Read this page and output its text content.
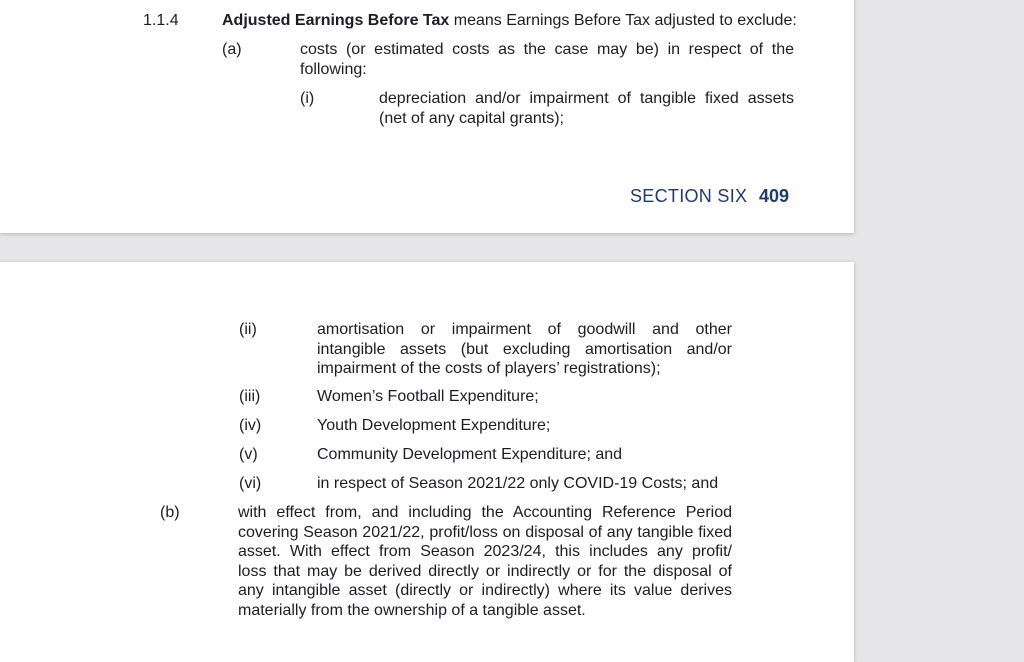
1.1.4	Adjusted Earnings Before Tax means Earnings Before Tax adjusted to exclude:
(a)	costs (or estimated costs as the case may be) in respect of the
following:
(i)	depreciation and/or impairment of tangible fixed assets
(net of any capital grants);
SECTION SIX 409
(ii)	amortisation or impairment of goodwill and other
intangible assets (but excluding amortisation and/or
impairment of the costs of players’ registrations);
(iii)	Women’s Football Expenditure;
(iv)	Youth Development Expenditure;
(v)	Community Development Expenditure; and
(vi)	in respect of Season 2021/22 only COVID-19 Costs; and
(b)	with effect from, and including the Accounting Reference Period
covering Season 2021/22, profit/loss on disposal of any tangible fixed
asset. With effect from Season 2023/24, this includes any profit/
loss that may be derived directly or indirectly or for the disposal of
any intangible asset (directly or indirectly) where its value derives
materially from the ownership of a tangible asset.
